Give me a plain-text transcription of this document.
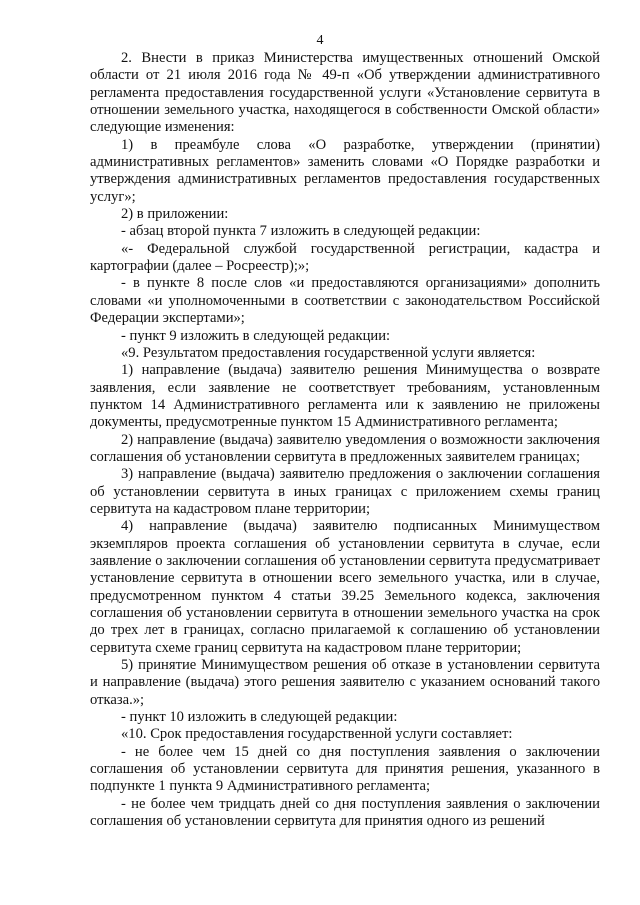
4

2. Внести в приказ Министерства имущественных отношений Омской области от 21 июля 2016 года № 49-п «Об утверждении административного регламента предоставления государственной услуги «Установление сервитута в отношении земельного участка, находящегося в собственности Омской области» следующие изменения:

1) в преамбуле слова «О разработке, утверждении (принятии) административных регламентов» заменить словами «О Порядке разработки и утверждения административных регламентов предоставления государственных услуг»;

2) в приложении:

- абзац второй пункта 7 изложить в следующей редакции:

«- Федеральной службой государственной регистрации, кадастра и картографии (далее – Росреестр);»;

- в пункте 8 после слов «и предоставляются организациями» дополнить словами «и уполномоченными в соответствии с законодательством Российской Федерации экспертами»;

- пункт 9 изложить в следующей редакции:

«9. Результатом предоставления государственной услуги является:

1) направление (выдача) заявителю решения Минимущества о возврате заявления, если заявление не соответствует требованиям, установленным пунктом 14 Административного регламента или к заявлению не приложены документы, предусмотренные пунктом 15 Административного регламента;

2) направление (выдача) заявителю уведомления о возможности заключения соглашения об установлении сервитута в предложенных заявителем границах;

3) направление (выдача) заявителю предложения о заключении соглашения об установлении сервитута в иных границах с приложением схемы границ сервитута на кадастровом плане территории;

4) направление (выдача) заявителю подписанных Минимуществом экземпляров проекта соглашения об установлении сервитута в случае, если заявление о заключении соглашения об установлении сервитута предусматривает установление сервитута в отношении всего земельного участка, или в случае, предусмотренном пунктом 4 статьи 39.25 Земельного кодекса, заключения соглашения об установлении сервитута в отношении земельного участка на срок до трех лет в границах, согласно прилагаемой к соглашению об установлении сервитута схеме границ сервитута на кадастровом плане территории;

5) принятие Минимуществом решения об отказе в установлении сервитута и направление (выдача) этого решения заявителю с указанием оснований такого отказа.»;

- пункт 10 изложить в следующей редакции:

«10. Срок предоставления государственной услуги составляет:

- не более чем 15 дней со дня поступления заявления о заключении соглашения об установлении сервитута для принятия решения, указанного в подпункте 1 пункта 9 Административного регламента;

- не более чем тридцать дней со дня поступления заявления о заключении соглашения об установлении сервитута для принятия одного из решений
